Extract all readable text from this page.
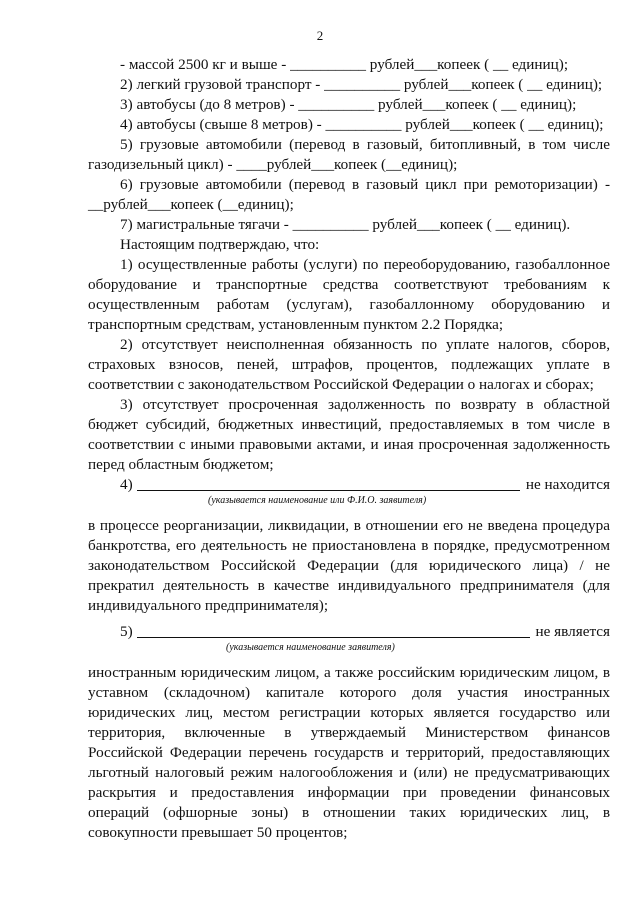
2

- массой 2500 кг и выше - __________ рублей___копеек ( __ единиц);

2) легкий грузовой транспорт - __________ рублей___копеек ( __ единиц);

3) автобусы (до 8 метров) - __________ рублей___копеек ( __ единиц);

4) автобусы (свыше 8 метров) - __________ рублей___копеек ( __ единиц);

5) грузовые автомобили (перевод в газовый, битопливный, в том числе газодизельный цикл) - ____рублей___копеек (__единиц);

6) грузовые автомобили (перевод в газовый цикл при ремоторизации) - __рублей___копеек (__единиц);

7) магистральные тягачи - __________ рублей___копеек ( __ единиц).

Настоящим подтверждаю, что:

1) осуществленные работы (услуги) по переоборудованию, газобаллонное оборудование и транспортные средства соответствуют требованиям к осуществленным работам (услугам), газобаллонному оборудованию и транспортным средствам, установленным пунктом 2.2 Порядка;

2) отсутствует неисполненная обязанность по уплате налогов, сборов, страховых взносов, пеней, штрафов, процентов, подлежащих уплате в соответствии с законодательством Российской Федерации о налогах и сборах;

3) отсутствует просроченная задолженность по возврату в областной бюджет субсидий, бюджетных инвестиций, предоставляемых в том числе в соответствии с иными правовыми актами, и иная просроченная задолженность перед областным бюджетом;

4)	не находится
(указывается наименование или Ф.И.О. заявителя)

в процессе реорганизации, ликвидации, в отношении его не введена процедура банкротства, его деятельность не приостановлена в порядке, предусмотренном законодательством Российской Федерации (для юридического лица) / не прекратил деятельность в качестве индивидуального предпринимателя (для индивидуального предпринимателя);

5)	не является
(указывается наименование заявителя)

иностранным юридическим лицом, а также российским юридическим лицом, в уставном (складочном) капитале которого доля участия иностранных юридических лиц, местом регистрации которых является государство или территория, включенные в утверждаемый Министерством финансов Российской Федерации перечень государств и территорий, предоставляющих льготный налоговый режим налогообложения и (или) не предусматривающих раскрытия и предоставления информации при проведении финансовых операций (офшорные зоны) в отношении таких юридических лиц, в совокупности превышает 50 процентов;
